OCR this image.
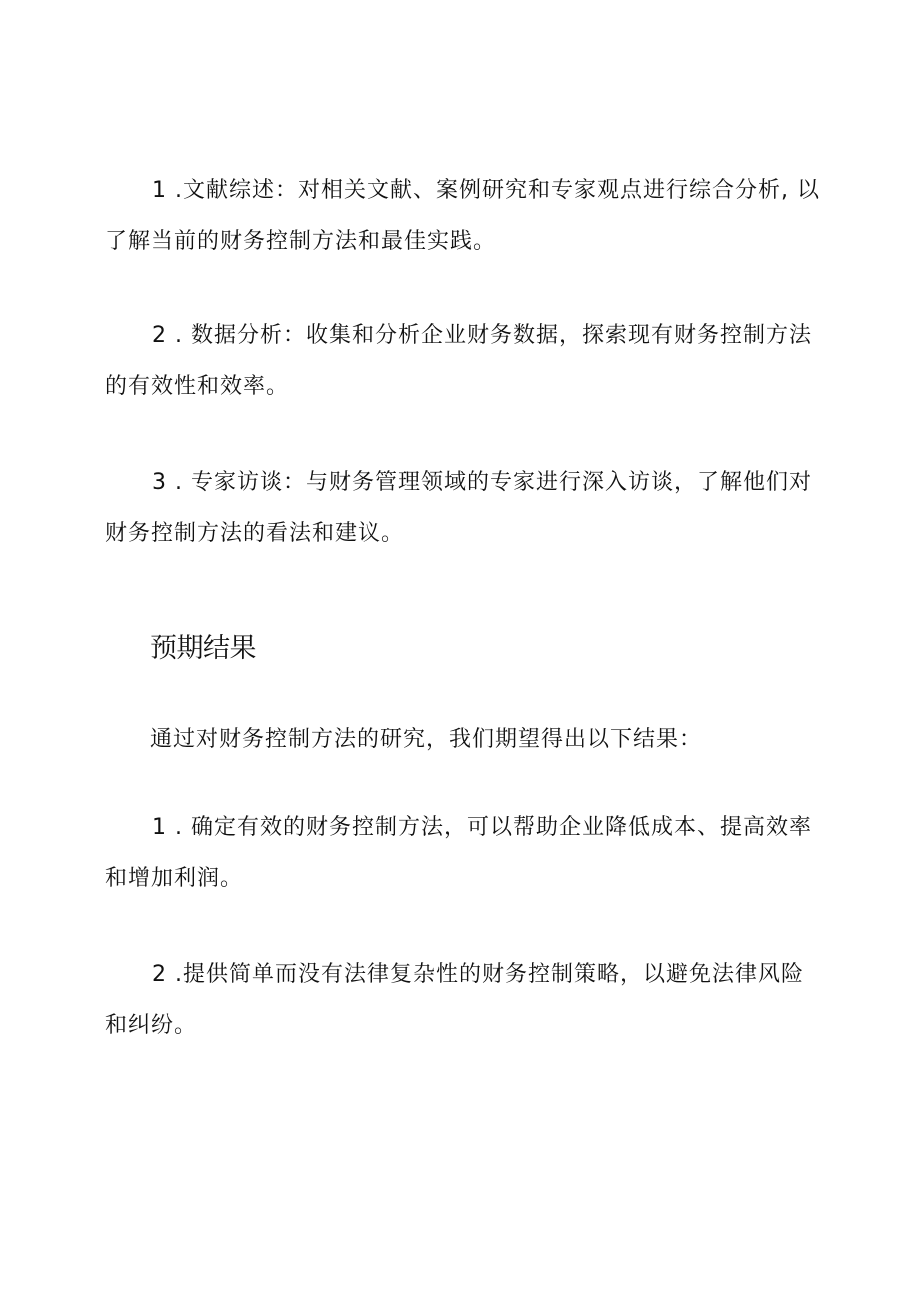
1 .文献综述：对相关文献、案例研究和专家观点进行综合分析, 以
了解当前的财务控制方法和最佳实践。
2 . 数据分析：收集和分析企业财务数据，探索现有财务控制方法
的有效性和效率。
3 . 专家访谈：与财务管理领域的专家进行深入访谈，了解他们对
财务控制方法的看法和建议。
预期结果
通过对财务控制方法的研究，我们期望得出以下结果：
1 . 确定有效的财务控制方法，可以帮助企业降低成本、提高效率
和增加利润。
2 .提供简单而没有法律复杂性的财务控制策略，以避免法律风险
和纠纷。
